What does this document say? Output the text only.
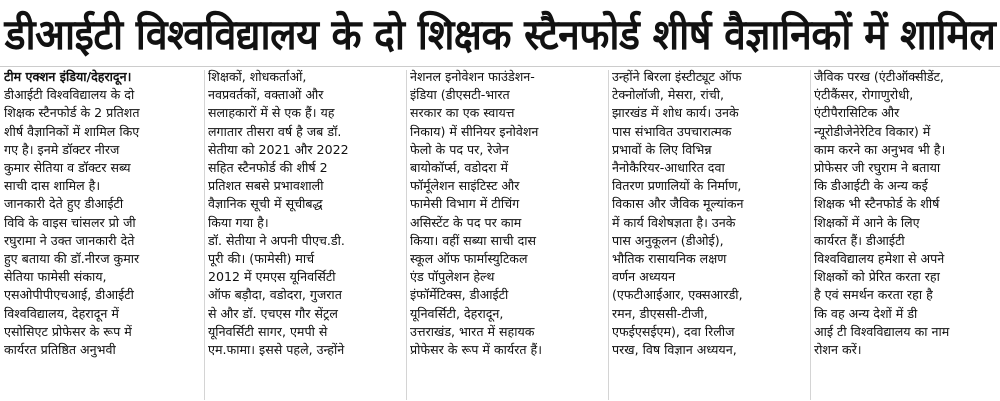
डीआईटी विश्वविद्यालय के दो शिक्षक स्टैनफोर्ड शीर्ष वैज्ञानिकों में शामिल
टीम एक्शन इंडिया/देहरादून।
डीआईटी विश्वविद्यालय के दो
शिक्षक स्टैनफोर्ड के 2 प्रतिशत
शीर्ष वैज्ञानिकों में शामिल किए
गए है। इनमे डॉक्टर नीरज
कुमार सेतिया व डॉक्टर सब्य
साची दास शामिल है।
जानकारी देते हुए डीआईटी
विवि के वाइस चांसलर प्रो जी
रघुरामा ने उक्त जानकारी देते
हुए बताया की डॉ.नीरज कुमार
सेतिया फामेसी संकाय,
एसओपीपीएचआई, डीआईटी
विश्वविद्यालय, देहरादून में
एसोसिएट प्रोफेसर के रूप में
कार्यरत प्रतिष्ठित अनुभवी
शिक्षकों, शोधकर्ताओं,
नवप्रवर्तकों, वक्ताओं और
सलाहकारों में से एक हैं। यह
लगातार तीसरा वर्ष है जब डॉ.
सेतीया को 2021 और 2022
सहित स्टैनफोर्ड की शीर्ष 2
प्रतिशत सबसे प्रभावशाली
वैज्ञानिक सूची में सूचीबद्ध
किया गया है।
डॉ. सेतीया ने अपनी पीएच.डी.
पूरी की। (फामेसी) मार्च
2012 में एमएस यूनिवर्सिटी
ऑफ बड़ौदा, वडोदरा, गुजरात
से और डॉ. एचएस गौर सेंट्रल
यूनिवर्सिटी सागर, एमपी से
एम.फामा। इससे पहले, उन्होंने
नेशनल इनोवेशन फाउंडेशन-
इंडिया (डीएसटी-भारत
सरकार का एक स्वायत्त
निकाय) में सीनियर इनोवेशन
फेलो के पद पर, रेजेन
बायोकॉर्प्स, वडोदरा में
फॉर्मूलेशन साइंटिस्ट और
फामेसी विभाग में टीचिंग
असिस्टेंट के पद पर काम
किया। वहीं सब्या साची दास
स्कूल ऑफ फार्मास्युटिकल
एंड पॉपुलेशन हेल्थ
इंफॉर्मेटिक्स, डीआईटी
यूनिवर्सिटी, देहरादून,
उत्तराखंड, भारत में सहायक
प्रोफेसर के रूप में कार्यरत हैं।
उन्होंने बिरला इंस्टीट्यूट ऑफ
टेक्नोलॉजी, मेसरा, रांची,
झारखंड में शोध कार्य। उनके
पास संभावित उपचारात्मक
प्रभावों के लिए विभिन्न
नैनोकैरियर-आधारित दवा
वितरण प्रणालियों के निर्माण,
विकास और जैविक मूल्यांकन
में कार्य विशेषज्ञता है। उनके
पास अनुकूलन (डीओई),
भौतिक रासायनिक लक्षण
वर्णन अध्ययन
(एफटीआईआर, एक्सआरडी,
रमन, डीएससी-टीजी,
एफईएसईएम), दवा रिलीज
परख, विष विज्ञान अध्ययन,
जैविक परख (एंटीऑक्सीडेंट,
एंटीकैंसर, रोगाणुरोधी,
एंटीपैरासिटिक और
न्यूरोडीजेनेरेटिव विकार) में
काम करने का अनुभव भी है।
प्रोफेसर जी रघुराम ने बताया
कि डीआईटी के अन्य कई
शिक्षक भी स्टैनफोर्ड के शीर्ष
शिक्षकों में आने के लिए
कार्यरत हैं। डीआईटी
विश्वविद्यालय हमेशा से अपने
शिक्षकों को प्रेरित करता रहा
है एवं समर्थन करता रहा है
कि वह अन्य देशों में डी
आई टी विश्वविद्यालय का नाम
रोशन करें।
